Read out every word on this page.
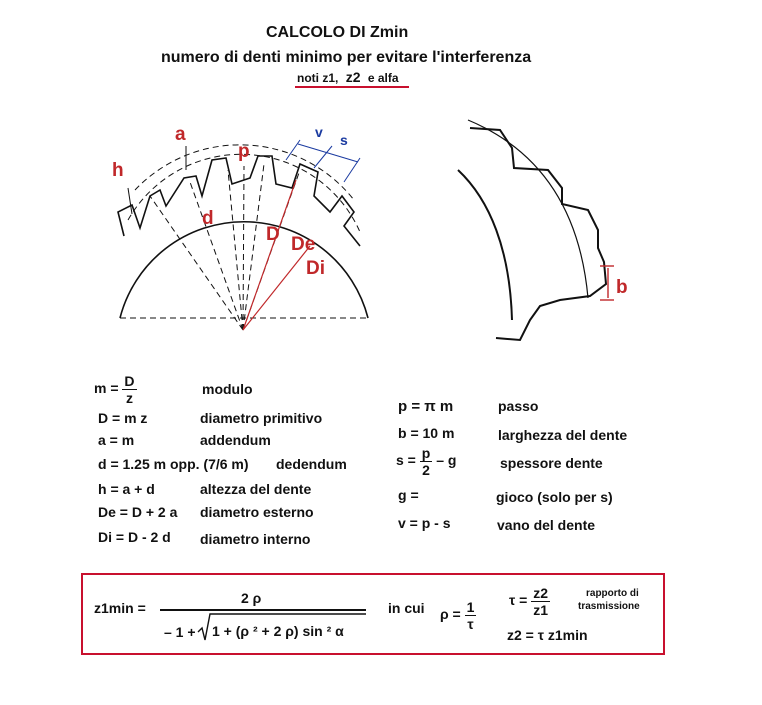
CALCOLO DI Zmin
numero di denti minimo per evitare l'interferenza
noti z1, z2 e alfa
a
h
p
d
D De
Di
v s
b
$m = \frac{D}{z}$	modulo
D = m z	diametro primitivo
a = m	addendum
d = 1.25 m opp. (7/6 m) dedendum
h = a + d	altezza del dente
De = D + 2 a diametro esterno
Di = D - 2 d diametro interno
p = π m	passo
b = 10 m	larghezza del dente
$s = \frac{p}{2} - g$	spessore dente
g =	gioco (solo per s)
v = p - s	vano del dente
z1min =
2 ρ
– 1 + 1 + (ρ ² + 2 ρ) sin ² α
in cui $\rho = \frac{1}{\tau}$ $\tau = \frac{z2}{z1}$	rapporto di
trasmissione
z2 = τ z1min
